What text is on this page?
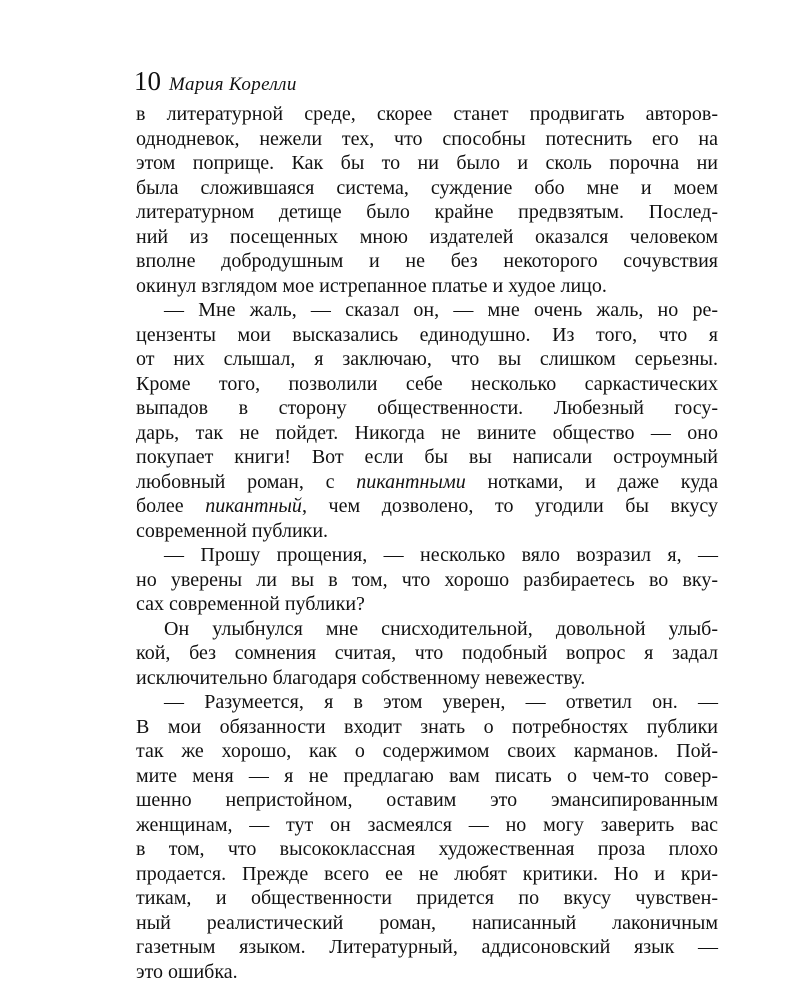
10 Мария Корелли
в литературной среде, скорее станет продвигать авторов-
однодневок, нежели тех, что способны потеснить его на
этом поприще. Как бы то ни было и сколь порочна ни
была сложившаяся система, суждение обо мне и моем
литературном детище было крайне предвзятым. Послед-
ний из посещенных мною издателей оказался человеком
вполне добродушным и не без некоторого сочувствия
окинул взглядом мое истрепанное платье и худое лицо.
— Мне жаль, — сказал он, — мне очень жаль, но ре-
цензенты мои высказались единодушно. Из того, что я
от них слышал, я заключаю, что вы слишком серьезны.
Кроме того, позволили себе несколько саркастических
выпадов в сторону общественности. Любезный госу-
дарь, так не пойдет. Никогда не вините общество — оно
покупает книги! Вот если бы вы написали остроумный
любовный роман, с пикантными нотками, и даже куда
более пикантный, чем дозволено, то угодили бы вкусу
современной публики.
— Прошу прощения, — несколько вяло возразил я, —
но уверены ли вы в том, что хорошо разбираетесь во вку-
сах современной публики?
Он улыбнулся мне снисходительной, довольной улыб-
кой, без сомнения считая, что подобный вопрос я задал
исключительно благодаря собственному невежеству.
— Разумеется, я в этом уверен, — ответил он. —
В мои обязанности входит знать о потребностях публики
так же хорошо, как о содержимом своих карманов. Пой-
мите меня — я не предлагаю вам писать о чем-то совер-
шенно непристойном, оставим это эмансипированным
женщинам, — тут он засмеялся — но могу заверить вас
в том, что высококлассная художественная проза плохо
продается. Прежде всего ее не любят критики. Но и кри-
тикам, и общественности придется по вкусу чувствен-
ный реалистический роман, написанный лаконичным
газетным языком. Литературный, аддисоновский язык —
это ошибка.
